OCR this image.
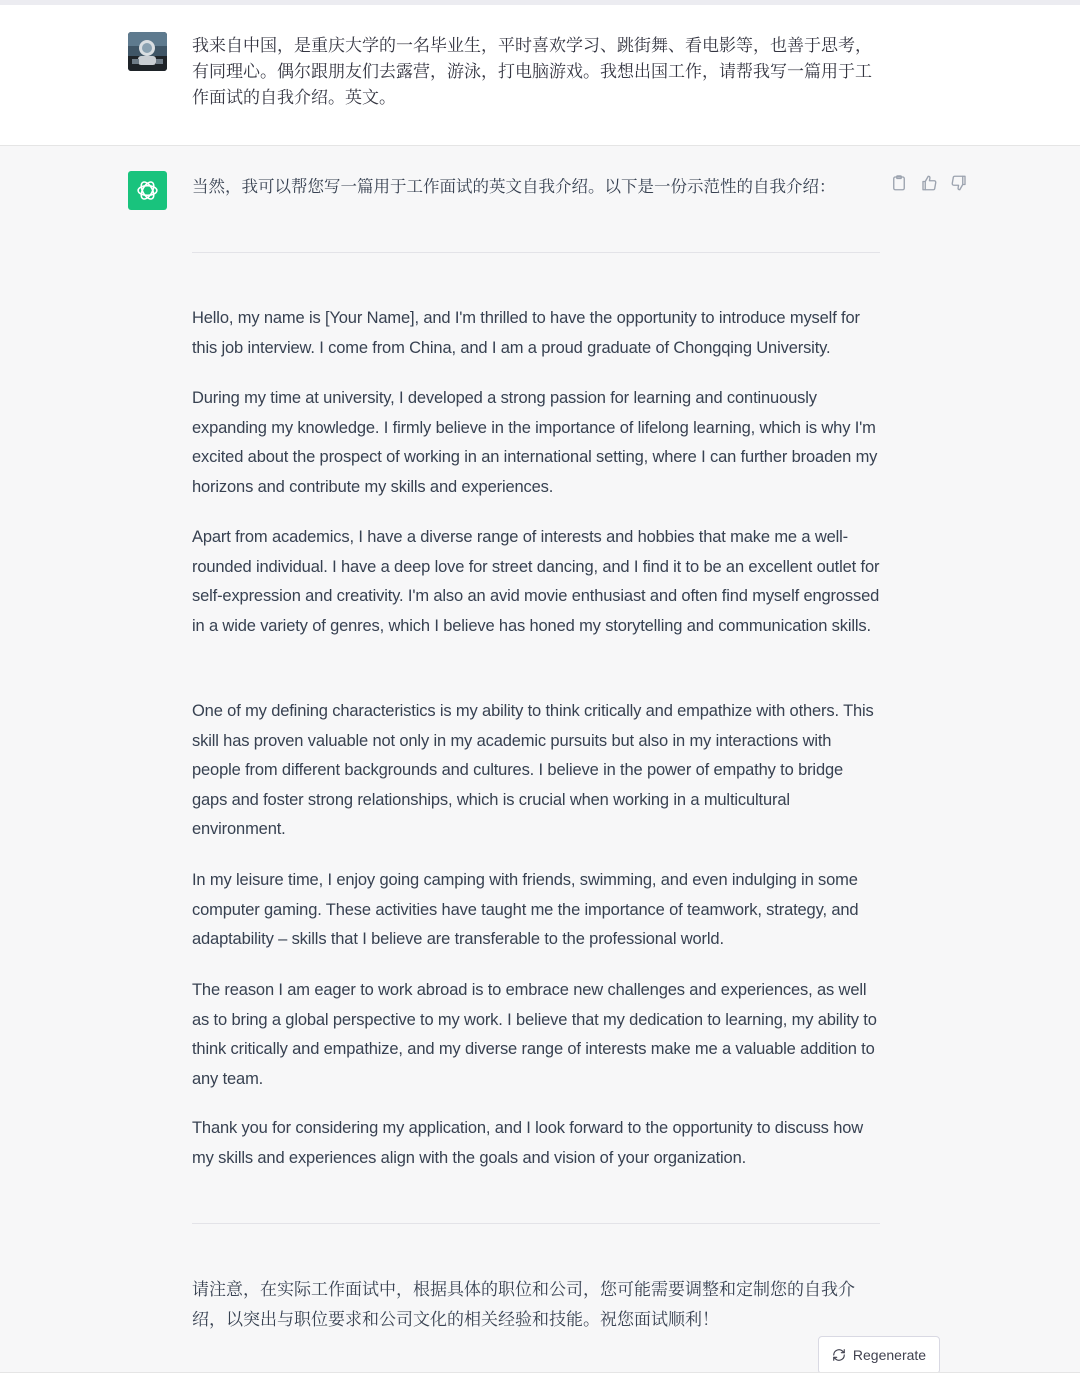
我来自中国，是重庆大学的一名毕业生，平时喜欢学习、跳街舞、看电影等，也善于思考，有同理心。偶尔跟朋友们去露营，游泳，打电脑游戏。我想出国工作，请帮我写一篇用于工作面试的自我介绍。英文。
当然，我可以帮您写一篇用于工作面试的英文自我介绍。以下是一份示范性的自我介绍：
Hello, my name is [Your Name], and I'm thrilled to have the opportunity to introduce myself for this job interview. I come from China, and I am a proud graduate of Chongqing University.
During my time at university, I developed a strong passion for learning and continuously expanding my knowledge. I firmly believe in the importance of lifelong learning, which is why I'm excited about the prospect of working in an international setting, where I can further broaden my horizons and contribute my skills and experiences.
Apart from academics, I have a diverse range of interests and hobbies that make me a well-rounded individual. I have a deep love for street dancing, and I find it to be an excellent outlet for self-expression and creativity. I'm also an avid movie enthusiast and often find myself engrossed in a wide variety of genres, which I believe has honed my storytelling and communication skills.
One of my defining characteristics is my ability to think critically and empathize with others. This skill has proven valuable not only in my academic pursuits but also in my interactions with people from different backgrounds and cultures. I believe in the power of empathy to bridge gaps and foster strong relationships, which is crucial when working in a multicultural environment.
In my leisure time, I enjoy going camping with friends, swimming, and even indulging in some computer gaming. These activities have taught me the importance of teamwork, strategy, and adaptability – skills that I believe are transferable to the professional world.
The reason I am eager to work abroad is to embrace new challenges and experiences, as well as to bring a global perspective to my work. I believe that my dedication to learning, my ability to think critically and empathize, and my diverse range of interests make me a valuable addition to any team.
Thank you for considering my application, and I look forward to the opportunity to discuss how my skills and experiences align with the goals and vision of your organization.
请注意，在实际工作面试中，根据具体的职位和公司，您可能需要调整和定制您的自我介绍，以突出与职位要求和公司文化的相关经验和技能。祝您面试顺利！
Regenerate
